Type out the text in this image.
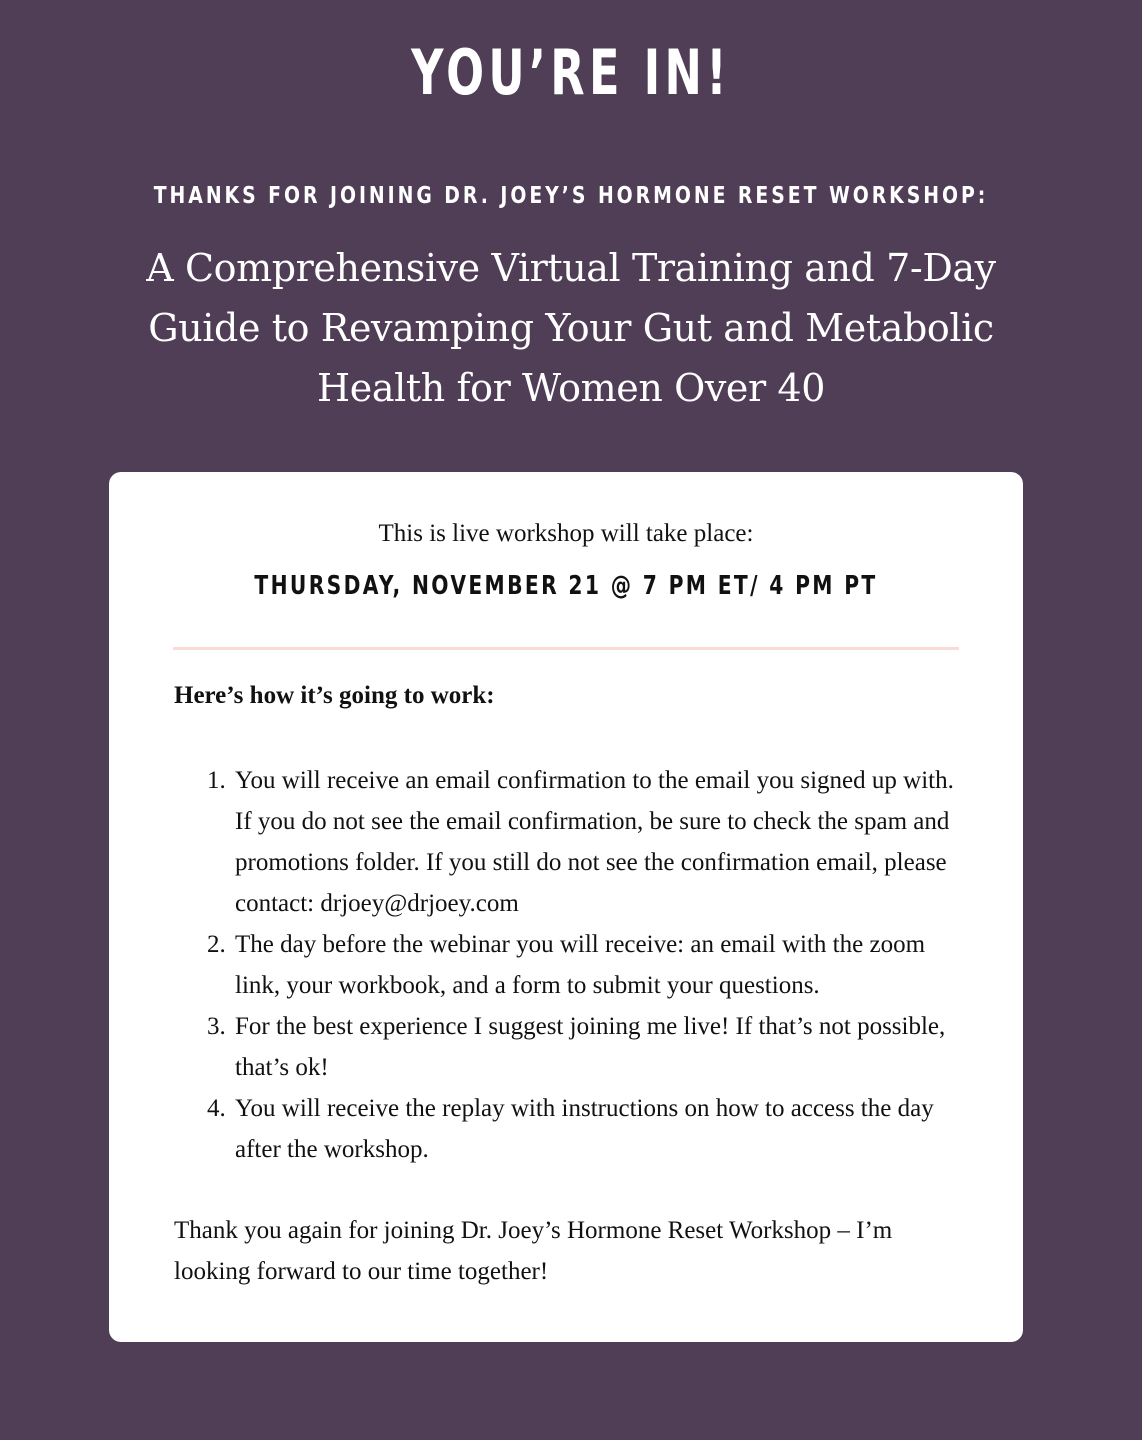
YOU’RE IN!
THANKS FOR JOINING DR. JOEY’S HORMONE RESET WORKSHOP:
A Comprehensive Virtual Training and 7-Day Guide to Revamping Your Gut and Metabolic Health for Women Over 40
This is live workshop will take place:
THURSDAY, NOVEMBER 21 @ 7 PM ET/ 4 PM PT
Here’s how it’s going to work:
1. You will receive an email confirmation to the email you signed up with. If you do not see the email confirmation, be sure to check the spam and promotions folder. If you still do not see the confirmation email, please contact: drjoey@drjoey.com
2. The day before the webinar you will receive: an email with the zoom link, your workbook, and a form to submit your questions.
3. For the best experience I suggest joining me live! If that’s not possible, that’s ok!
4. You will receive the replay with instructions on how to access the day after the workshop.
Thank you again for joining Dr. Joey’s Hormone Reset Workshop – I’m looking forward to our time together!
